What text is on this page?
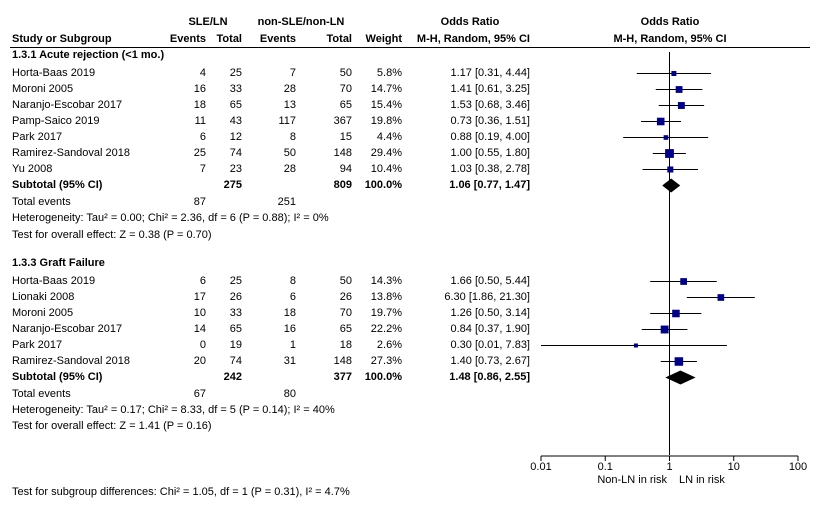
SLE/LN	non-SLE/non-LN	Odds Ratio	Odds Ratio
Study or Subgroup	Events Total	Events	Total	Weight	M-H, Random, 95% CI	M-H, Random, 95% CI
1.3.1 Acute rejection (<1 mo.)
Horta-Baas 2019	4	25	7	50	5.8%	1.17 [0.31, 4.44]
Moroni 2005	16	33	28	70	14.7%	1.41 [0.61, 3.25]
Naranjo-Escobar 2017	18	65	13	65	15.4%	1.53 [0.68, 3.46]
Pamp-Saico 2019	11	43	117	367	19.8%	0.73 [0.36, 1.51]
Park 2017	6	12	8	15	4.4%	0.88 [0.19, 4.00]
Ramirez-Sandoval 2018	25	74	50	148	29.4%	1.00 [0.55, 1.80]
Yu 2008	7	23	28	94	10.4%	1.03 [0.38, 2.78]
Subtotal (95% CI)	275	809	100.0%	1.06 [0.77, 1.47]
Total events	87	251
Heterogeneity: Tau² = 0.00; Chi² = 2.36, df = 6 (P = 0.88); I² = 0%
Test for overall effect: Z = 0.38 (P = 0.70)
1.3.3 Graft Failure
Horta-Baas 2019	6	25	8	50	14.3%	1.66 [0.50, 5.44]
Lionaki 2008	17	26	6	26	13.8%	6.30 [1.86, 21.30]
Moroni 2005	10	33	18	70	19.7%	1.26 [0.50, 3.14]
Naranjo-Escobar 2017	14	65	16	65	22.2%	0.84 [0.37, 1.90]
Park 2017	0	19	1	18	2.6%	0.30 [0.01, 7.83]
Ramirez-Sandoval 2018	20	74	31	148	27.3%	1.40 [0.73, 2.67]
Subtotal (95% CI)	242	377	100.0%	1.48 [0.86, 2.55]
Total events	67	80
Heterogeneity: Tau² = 0.17; Chi² = 8.33, df = 5 (P = 0.14); I² = 40%
Test for overall effect: Z = 1.41 (P = 0.16)
Non-LN in risk LN in risk
Test for subgroup differences: Chi² = 1.05, df = 1 (P = 0.31), I² = 4.7%
0.01	0.1	1	10	100
